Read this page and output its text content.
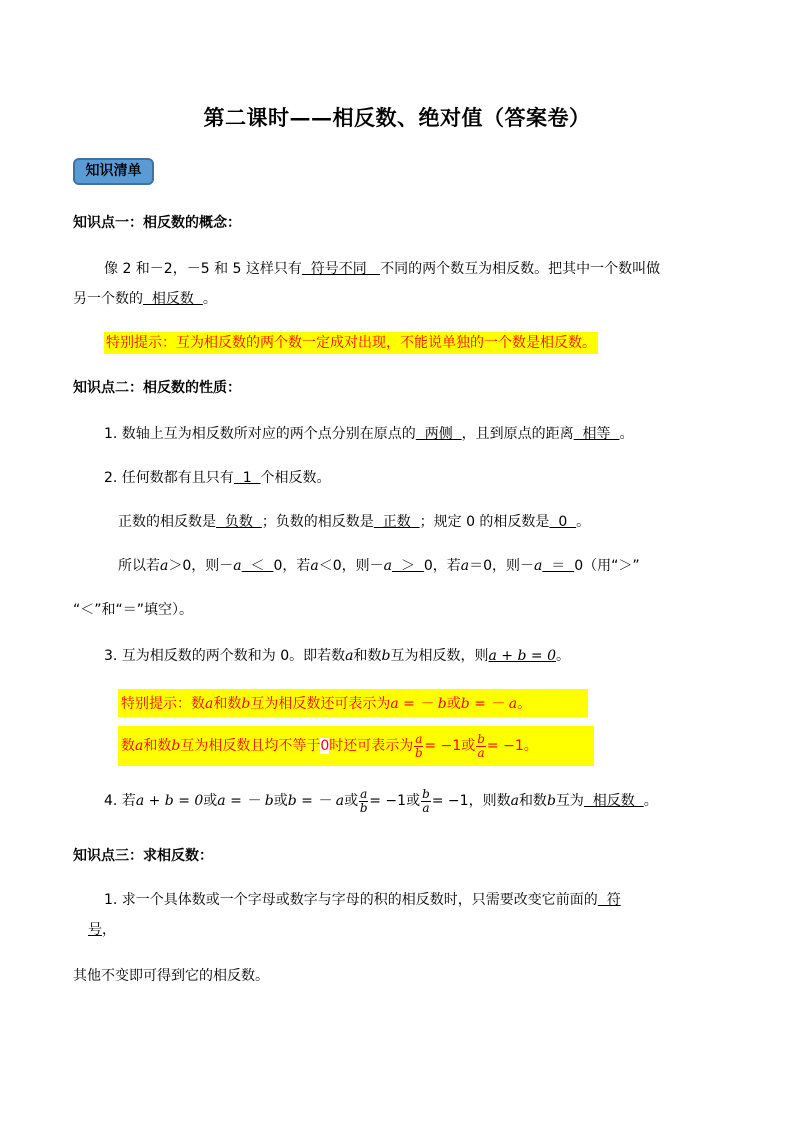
第二课时——相反数、绝对值（答案卷）
知识清单
知识点一：相反数的概念：
像 2 和－2，－5 和 5 这样只有  符号不同   不同的两个数互为相反数。把其中一个数叫做
另一个数的  相反数  。
特别提示：互为相反数的两个数一定成对出现，不能说单独的一个数是相反数。
知识点二：相反数的性质：
1. 数轴上互为相反数所对应的两个点分别在原点的  两侧  ，且到原点的距离  相等  。
2. 任何数都有且只有  1  个相反数。
正数的相反数是  负数  ；负数的相反数是  正数  ；规定 0 的相反数是  0  。
所以若a＞0，则－a  ＜  0，若a＜0，则－a  ＞  0，若a＝0，则－a  ＝  0（用“＞”
“＜”和“＝”填空）。
3. 互为相反数的两个数和为 0。即若数a和数b互为相反数，则a + b = 0。
特别提示：数a和数b互为相反数还可表示为a = － b或b = － a。
数a和数b互为相反数且均不等于0时还可表示为 $\frac{a}{b} = -1$或 $\frac{b}{a} = -1$。
4. 若a + b = 0或a = － b或b = － a或 $\frac{a}{b} = -1$或 $\frac{b}{a} = -1$，则数a和数b互为  相反数  。
知识点三：求相反数：
1. 求一个具体数或一个字母或数字与字母的积的相反数时，只需要改变它前面的  符
号，
其他不变即可得到它的相反数。
